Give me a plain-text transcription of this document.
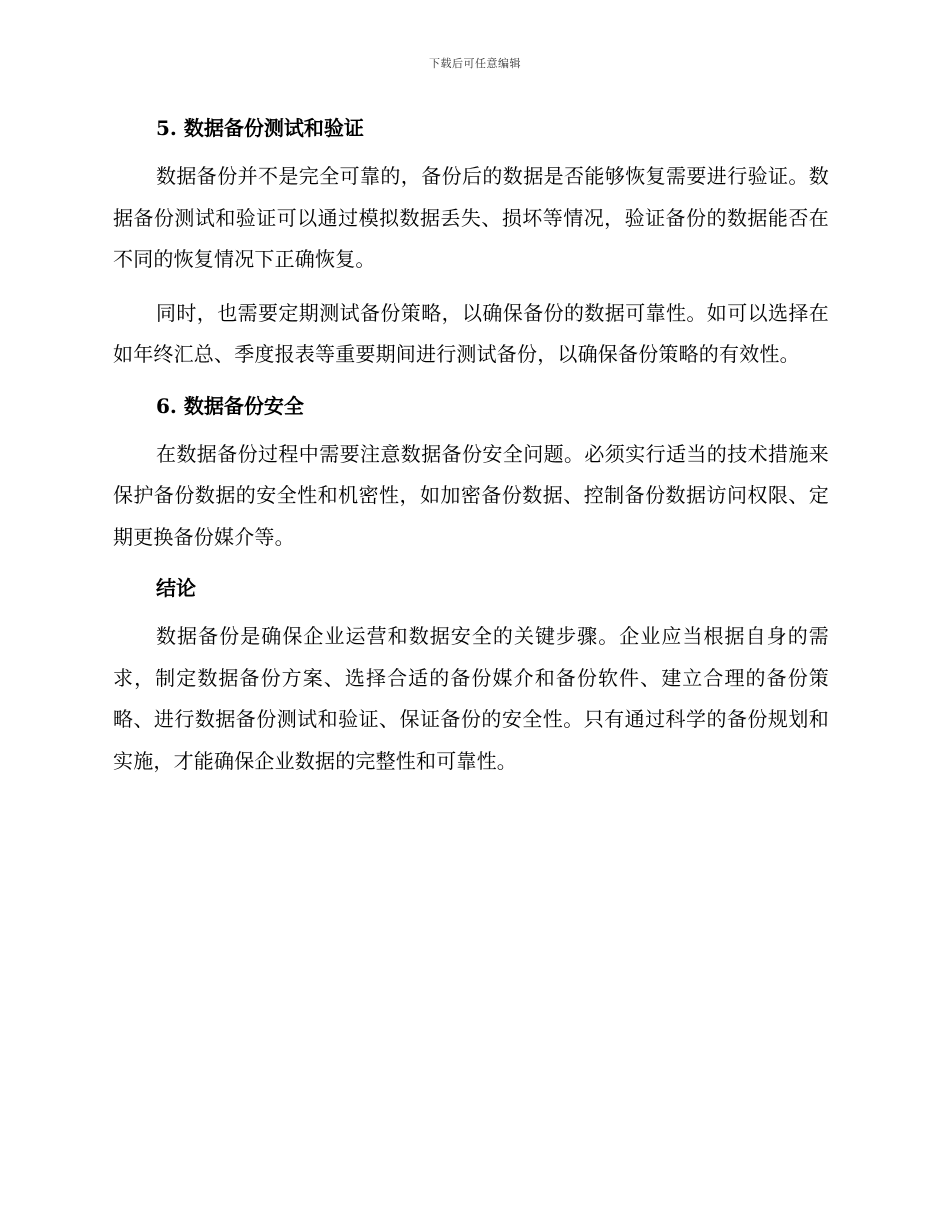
下载后可任意编辑
5. 数据备份测试和验证

数据备份并不是完全可靠的，备份后的数据是否能够恢复需要进行验证。数据备份测试和验证可以通过模拟数据丢失、损坏等情况，验证备份的数据能否在不同的恢复情况下正确恢复。

同时，也需要定期测试备份策略，以确保备份的数据可靠性。如可以选择在如年终汇总、季度报表等重要期间进行测试备份，以确保备份策略的有效性。

6. 数据备份安全

在数据备份过程中需要注意数据备份安全问题。必须实行适当的技术措施来保护备份数据的安全性和机密性，如加密备份数据、控制备份数据访问权限、定期更换备份媒介等。

结论

数据备份是确保企业运营和数据安全的关键步骤。企业应当根据自身的需求，制定数据备份方案、选择合适的备份媒介和备份软件、建立合理的备份策略、进行数据备份测试和验证、保证备份的安全性。只有通过科学的备份规划和实施，才能确保企业数据的完整性和可靠性。
